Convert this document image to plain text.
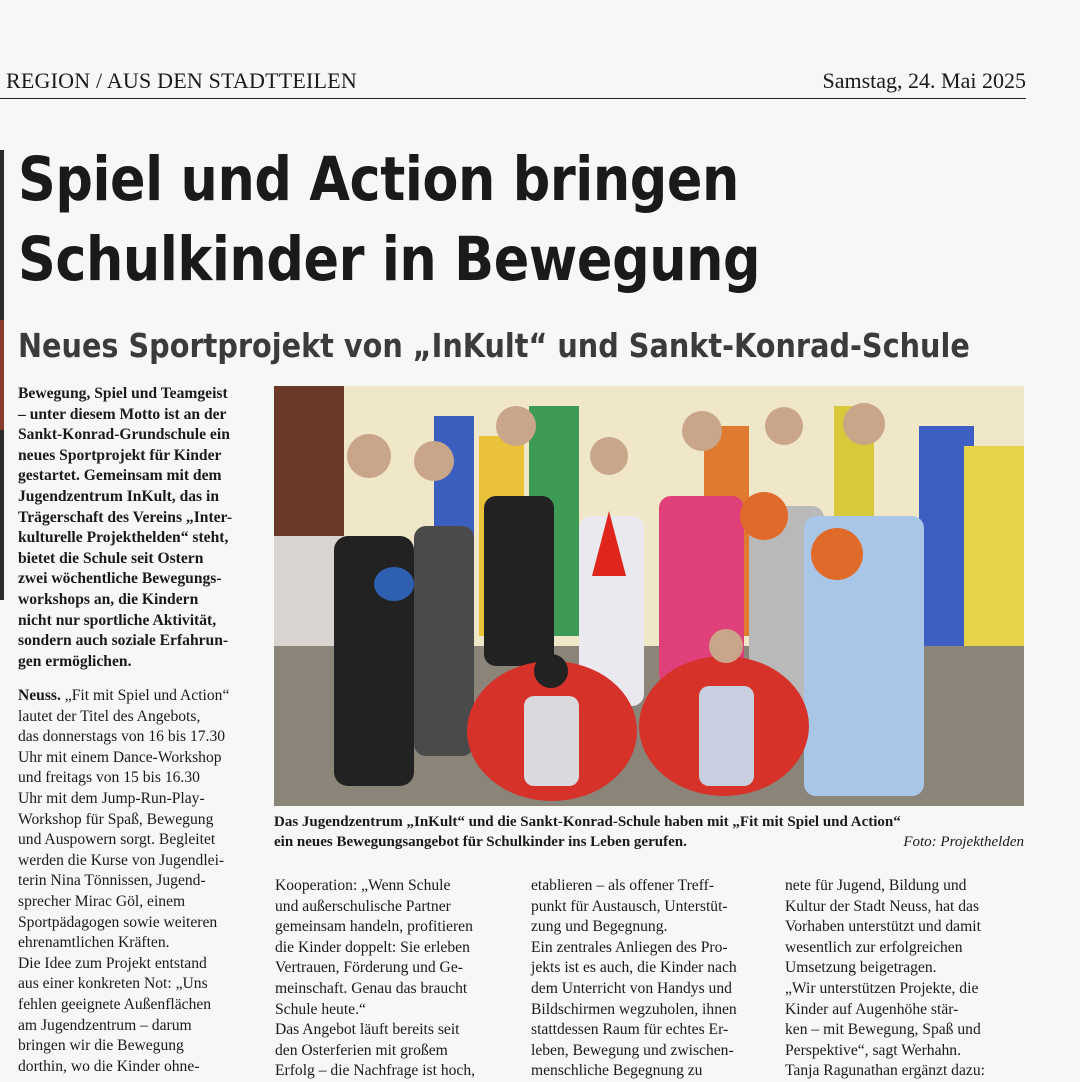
REGION / AUS DEN STADTTEILEN	Samstag, 24. Mai 2025
Spiel und Action bringen
Schulkinder in Bewegung
Neues Sportprojekt von „InKult“ und Sankt-Konrad-Schule
Bewegung, Spiel und Teamgeist
– unter diesem Motto ist an der
Sankt-Konrad-Grundschule ein
neues Sportprojekt für Kinder
gestartet. Gemeinsam mit dem
Jugendzentrum InKult, das in
Trägerschaft des Vereins „Inter-
kulturelle Projekthelden“ steht,
bietet die Schule seit Ostern
zwei wöchentliche Bewegungs-
workshops an, die Kindern
nicht nur sportliche Aktivität,
sondern auch soziale Erfahrun-
gen ermöglichen.
Neuss. „Fit mit Spiel und Action“
lautet der Titel des Angebots,
das donnerstags von 16 bis 17.30
Uhr mit einem Dance-Workshop
und freitags von 15 bis 16.30
Uhr mit dem Jump-Run-Play-
Workshop für Spaß, Bewegung
und Auspowern sorgt. Begleitet
werden die Kurse von Jugendlei-
terin Nina Tönnissen, Jugend-
sprecher Mirac Göl, einem
Sportpädagogen sowie weiteren
ehrenamtlichen Kräften.
Die Idee zum Projekt entstand
aus einer konkreten Not: „Uns
fehlen geeignete Außenflächen
am Jugendzentrum – darum
bringen wir die Bewegung
dorthin, wo die Kinder ohne-
Das Jugendzentrum „InKult“ und die Sankt-Konrad-Schule haben mit „Fit mit Spiel und Action“
ein neues Bewegungsangebot für Schulkinder ins Leben gerufen.	Foto: Projekthelden
Kooperation: „Wenn Schule
und außerschulische Partner
gemeinsam handeln, profitieren
die Kinder doppelt: Sie erleben
Vertrauen, Förderung und Ge-
meinschaft. Genau das braucht
Schule heute.“
Das Angebot läuft bereits seit
den Osterferien mit großem
Erfolg – die Nachfrage ist hoch,
etablieren – als offener Treff-
punkt für Austausch, Unterstüt-
zung und Begegnung.
Ein zentrales Anliegen des Pro-
jekts ist es auch, die Kinder nach
dem Unterricht von Handys und
Bildschirmen wegzuholen, ihnen
stattdessen Raum für echtes Er-
leben, Bewegung und zwischen-
menschliche Begegnung zu
nete für Jugend, Bildung und
Kultur der Stadt Neuss, hat das
Vorhaben unterstützt und damit
wesentlich zur erfolgreichen
Umsetzung beigetragen.
„Wir unterstützen Projekte, die
Kinder auf Augenhöhe stär-
ken – mit Bewegung, Spaß und
Perspektive“, sagt Werhahn.
Tanja Ragunathan ergänzt dazu:
